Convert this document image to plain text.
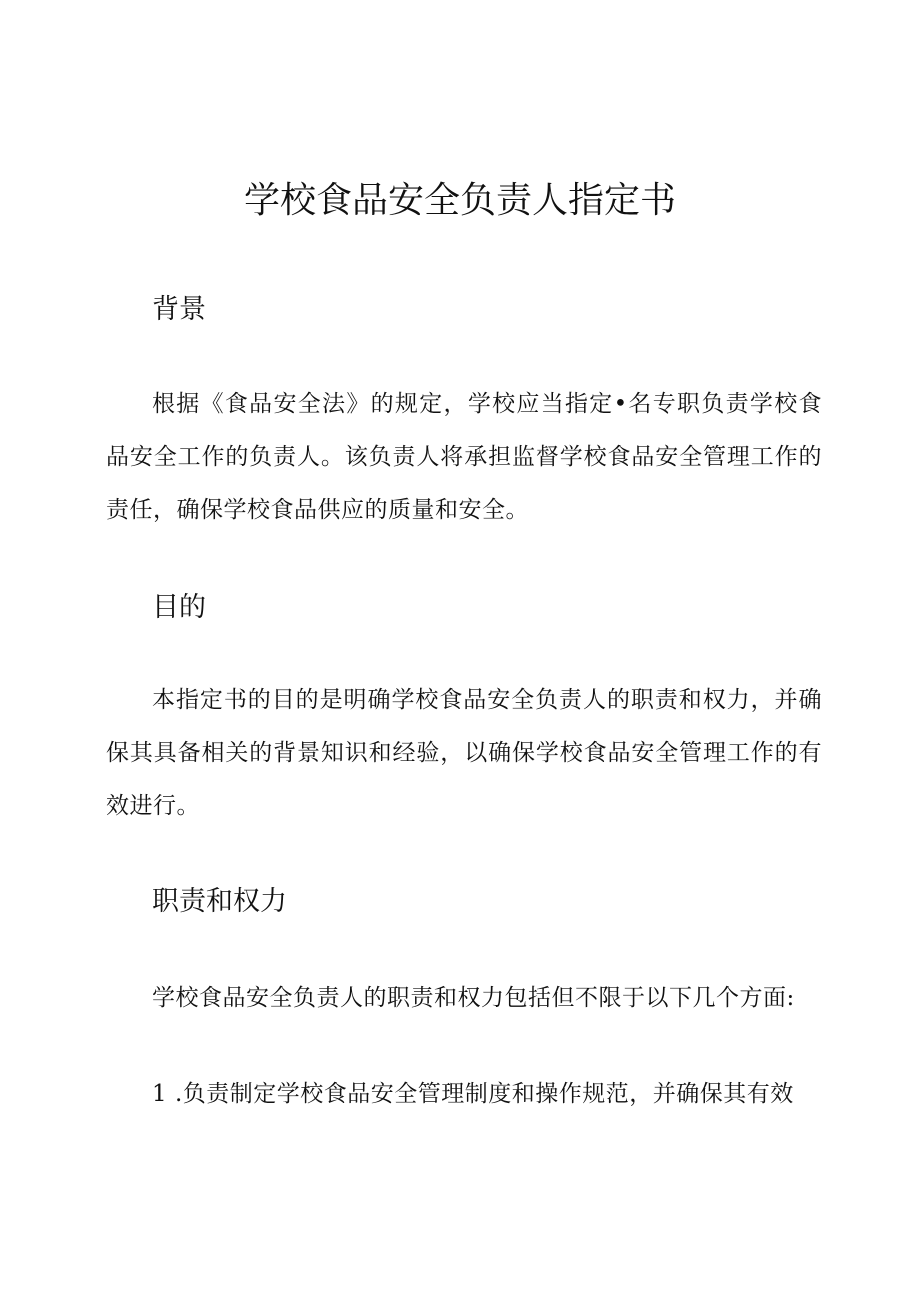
学校食品安全负责人指定书
背景

根据《食品安全法》的规定，学校应当指定•名专职负责学校食品安全工作的负责人。该负责人将承担监督学校食品安全管理工作的责任，确保学校食品供应的质量和安全。

目的

本指定书的目的是明确学校食品安全负责人的职责和权力，并确保其具备相关的背景知识和经验，以确保学校食品安全管理工作的有效进行。

职责和权力

学校食品安全负责人的职责和权力包括但不限于以下几个方面:

1 .负责制定学校食品安全管理制度和操作规范，并确保其有效
